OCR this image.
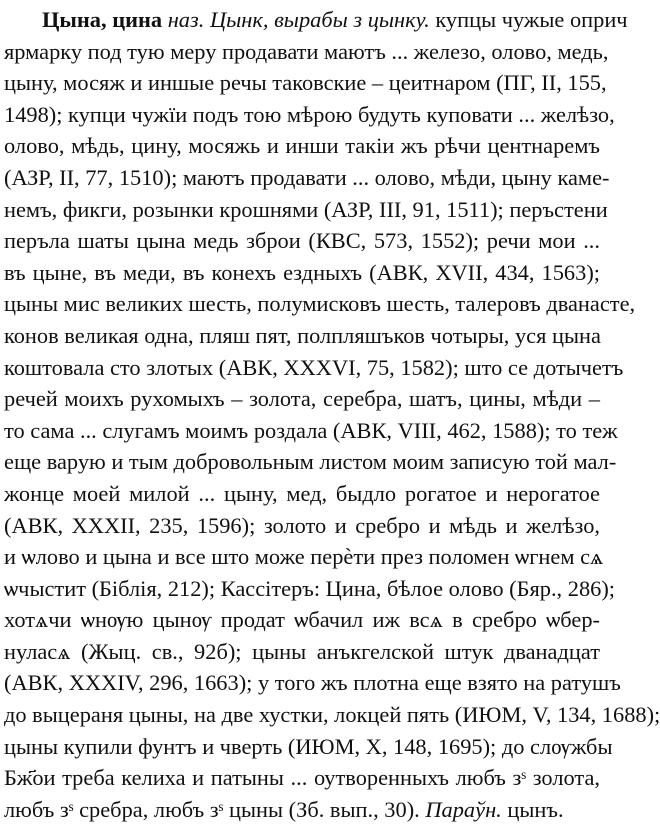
Цына, цина наз. Цынк, вырабы з цынку. купцы чужые оприч
ярмарку под тую меру продавати маютъ ... железо, олово, медь,
цыну, мосяж и иншые речы таковские – цеитнаром (ПГ, II, 155,
1498); купци чужїи подъ тою мѣрою будуть куповати ... желѣзо,
олово, мѣдь, цину, мосяжь и инши такіи жъ рѣчи центнаремъ
(АЗР, II, 77, 1510); маютъ продавати ... олово, мѣди, цыну каме-
немъ, фикги, розынки крошнями (АЗР, III, 91, 1511); перъстени
перъла шаты цына медь зброи (КВС, 573, 1552); речи мои ...
въ цыне, въ меди, въ конехъ ездныхъ (АВК, XVII, 434, 1563);
цыны мис великих шесть, полумисковъ шесть, талеровъ дванасте,
конов великая одна, пляш пят, полпляшъков чотыры, уся цына
коштовала сто злотых (АВК, XXXVI, 75, 1582); што се дотычетъ
речей моихъ рухомыхъ – золота, серебра, шатъ, цины, мѣди –
то сама ... слугамъ моимъ роздала (АВК, VIII, 462, 1588); то теж
еще варую и тым добровольным листом моим записую той мал-
жонце моей милой ... цыну, мед, быдло рогатое и нерогатое
(АВК, XXXII, 235, 1596); золото и сребро и мѣдь и желѣзо,
и ѡлово и цына и все што може перѐти през поломен ѡгнем сѧ
ѡчыстит (Біблія, 212); Кассітеръ: Цина, бѣлое олово (Бяр., 286);
хотѧчи ѡнѹю цынѹ продат ѡбачил иж всѧ в сребро ѡбер-
нуласѧ (Жыц. св., 92б); цыны анъкгелской штук дванадцат
(АВК, XXXIV, 296, 1663); у того жъ плотна еще взято на ратушъ
до выцераня цыны, на две хустки, локцей пять (ИЮМ, V, 134, 1688);
цыны купили фунтъ и чверть (ИЮМ, X, 148, 1695); до слѹжбы
Бж҃ои треба келиха и патыны ... оутворенныхъ любъ зˢ золота,
любъ зˢ сребра, любъ зˢ цыны (Зб. вып., 30). Параўн. цынъ.
